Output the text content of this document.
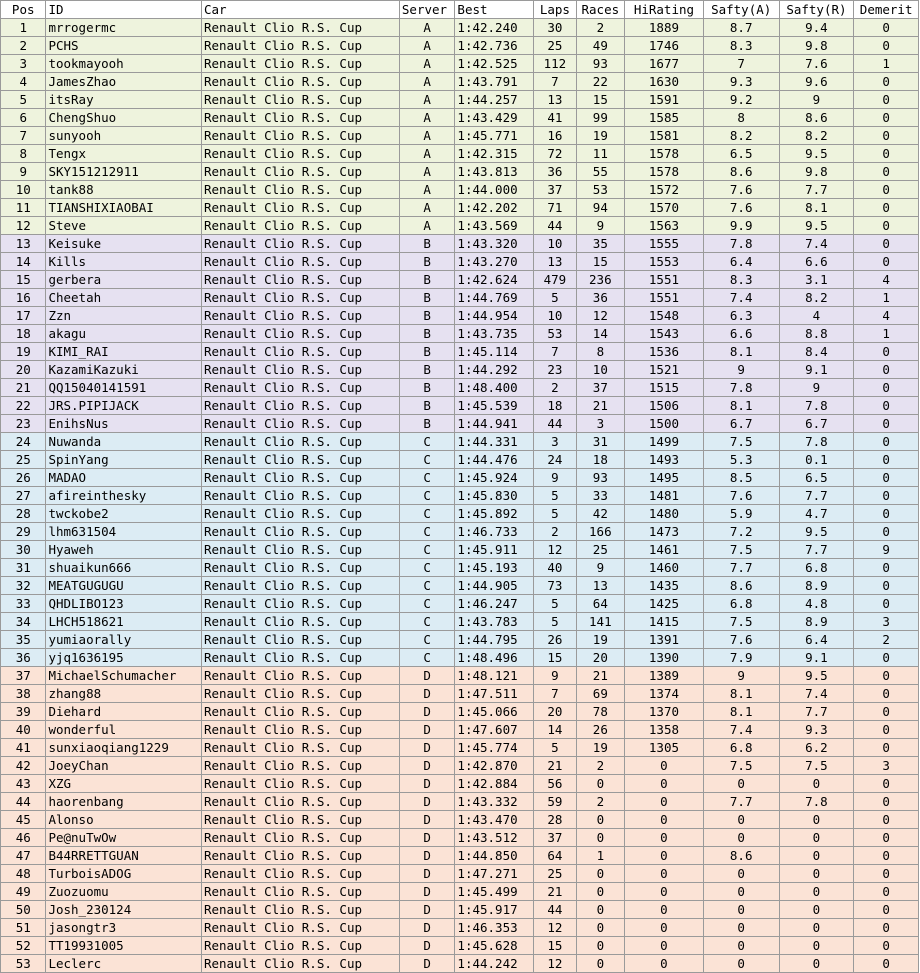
Pos	ID	Car	Server	Best	Laps	Races	HiRating	Safty(A)	Safty(R)	Demerit
1	mrrogermc	Renault Clio R.S. Cup	A	1:42.240	30	2	1889	8.7	9.4	0
2	PCHS	Renault Clio R.S. Cup	A	1:42.736	25	49	1746	8.3	9.8	0
3	tookmayooh	Renault Clio R.S. Cup	A	1:42.525	112	93	1677	7	7.6	1
4	JamesZhao	Renault Clio R.S. Cup	A	1:43.791	7	22	1630	9.3	9.6	0
5	itsRay	Renault Clio R.S. Cup	A	1:44.257	13	15	1591	9.2	9	0
6	ChengShuo	Renault Clio R.S. Cup	A	1:43.429	41	99	1585	8	8.6	0
7	sunyooh	Renault Clio R.S. Cup	A	1:45.771	16	19	1581	8.2	8.2	0
8	Tengx	Renault Clio R.S. Cup	A	1:42.315	72	11	1578	6.5	9.5	0
9	SKY151212911	Renault Clio R.S. Cup	A	1:43.813	36	55	1578	8.6	9.8	0
10	tank88	Renault Clio R.S. Cup	A	1:44.000	37	53	1572	7.6	7.7	0
11	TIANSHIXIAOBAI	Renault Clio R.S. Cup	A	1:42.202	71	94	1570	7.6	8.1	0
12	Steve	Renault Clio R.S. Cup	A	1:43.569	44	9	1563	9.9	9.5	0
13	Keisuke	Renault Clio R.S. Cup	B	1:43.320	10	35	1555	7.8	7.4	0
14	Kills	Renault Clio R.S. Cup	B	1:43.270	13	15	1553	6.4	6.6	0
15	gerbera	Renault Clio R.S. Cup	B	1:42.624	479	236	1551	8.3	3.1	4
16	Cheetah	Renault Clio R.S. Cup	B	1:44.769	5	36	1551	7.4	8.2	1
17	Zzn	Renault Clio R.S. Cup	B	1:44.954	10	12	1548	6.3	4	4
18	akagu	Renault Clio R.S. Cup	B	1:43.735	53	14	1543	6.6	8.8	1
19	KIMI_RAI	Renault Clio R.S. Cup	B	1:45.114	7	8	1536	8.1	8.4	0
20	KazamiKazuki	Renault Clio R.S. Cup	B	1:44.292	23	10	1521	9	9.1	0
21	QQ15040141591	Renault Clio R.S. Cup	B	1:48.400	2	37	1515	7.8	9	0
22	JRS.PIPIJACK	Renault Clio R.S. Cup	B	1:45.539	18	21	1506	8.1	7.8	0
23	EnihsNus	Renault Clio R.S. Cup	B	1:44.941	44	3	1500	6.7	6.7	0
24	Nuwanda	Renault Clio R.S. Cup	C	1:44.331	3	31	1499	7.5	7.8	0
25	SpinYang	Renault Clio R.S. Cup	C	1:44.476	24	18	1493	5.3	0.1	0
26	MADAO	Renault Clio R.S. Cup	C	1:45.924	9	93	1495	8.5	6.5	0
27	afireinthesky	Renault Clio R.S. Cup	C	1:45.830	5	33	1481	7.6	7.7	0
28	twckobe2	Renault Clio R.S. Cup	C	1:45.892	5	42	1480	5.9	4.7	0
29	lhm631504	Renault Clio R.S. Cup	C	1:46.733	2	166	1473	7.2	9.5	0
30	Hyaweh	Renault Clio R.S. Cup	C	1:45.911	12	25	1461	7.5	7.7	9
31	shuaikun666	Renault Clio R.S. Cup	C	1:45.193	40	9	1460	7.7	6.8	0
32	MEATGUGUGU	Renault Clio R.S. Cup	C	1:44.905	73	13	1435	8.6	8.9	0
33	QHDLIBO123	Renault Clio R.S. Cup	C	1:46.247	5	64	1425	6.8	4.8	0
34	LHCH518621	Renault Clio R.S. Cup	C	1:43.783	5	141	1415	7.5	8.9	3
35	yumiaorally	Renault Clio R.S. Cup	C	1:44.795	26	19	1391	7.6	6.4	2
36	yjq1636195	Renault Clio R.S. Cup	C	1:48.496	15	20	1390	7.9	9.1	0
37	MichaelSchumacher	Renault Clio R.S. Cup	D	1:48.121	9	21	1389	9	9.5	0
38	zhang88	Renault Clio R.S. Cup	D	1:47.511	7	69	1374	8.1	7.4	0
39	Diehard	Renault Clio R.S. Cup	D	1:45.066	20	78	1370	8.1	7.7	0
40	wonderful	Renault Clio R.S. Cup	D	1:47.607	14	26	1358	7.4	9.3	0
41	sunxiaoqiang1229	Renault Clio R.S. Cup	D	1:45.774	5	19	1305	6.8	6.2	0
42	JoeyChan	Renault Clio R.S. Cup	D	1:42.870	21	2	0	7.5	7.5	3
43	XZG	Renault Clio R.S. Cup	D	1:42.884	56	0	0	0	0	0
44	haorenbang	Renault Clio R.S. Cup	D	1:43.332	59	2	0	7.7	7.8	0
45	Alonso	Renault Clio R.S. Cup	D	1:43.470	28	0	0	0	0	0
46	Pe@nuTwOw	Renault Clio R.S. Cup	D	1:43.512	37	0	0	0	0	0
47	B44RRETTGUAN	Renault Clio R.S. Cup	D	1:44.850	64	1	0	8.6	0	0
48	TurboisADOG	Renault Clio R.S. Cup	D	1:47.271	25	0	0	0	0	0
49	Zuozuomu	Renault Clio R.S. Cup	D	1:45.499	21	0	0	0	0	0
50	Josh_230124	Renault Clio R.S. Cup	D	1:45.917	44	0	0	0	0	0
51	jasongtr3	Renault Clio R.S. Cup	D	1:46.353	12	0	0	0	0	0
52	TT19931005	Renault Clio R.S. Cup	D	1:45.628	15	0	0	0	0	0
53	Leclerc	Renault Clio R.S. Cup	D	1:44.242	12	0	0	0	0	0
